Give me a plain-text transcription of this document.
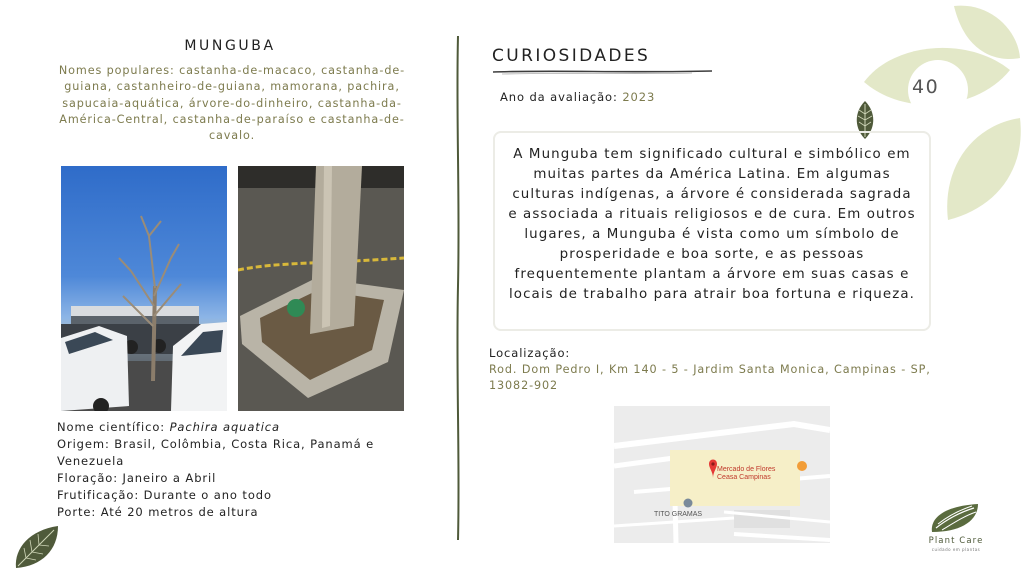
MUNGUBA
Nomes populares: castanha-de-macaco, castanha-de-guiana, castanheiro-de-guiana, mamorana, pachira, sapucaia-aquática, árvore-do-dinheiro, castanha-da-América-Central, castanha-de-paraíso e castanha-de-cavalo.
Nome científico: Pachira aquatica
Origem: Brasil, Colômbia, Costa Rica, Panamá e Venezuela
Floração: Janeiro a Abril
Frutificação: Durante o ano todo
Porte: Até 20 metros de altura
CURIOSIDADES
Ano da avaliação: 2023	40

A Munguba tem significado cultural e simbólico em muitas partes da América Latina. Em algumas culturas indígenas, a árvore é considerada sagrada e associada a rituais religiosos e de cura. Em outros lugares, a Munguba é vista como um símbolo de prosperidade e boa sorte, e as pessoas frequentemente plantam a árvore em suas casas e locais de trabalho para atrair boa fortuna e riqueza.

Localização:
Rod. Dom Pedro I, Km 140 - 5 - Jardim Santa Monica, Campinas - SP, 13082-902
Mercado de Flores
Ceasa Campinas
TITO GRAMAS
Plant Care
cuidado em plantas
